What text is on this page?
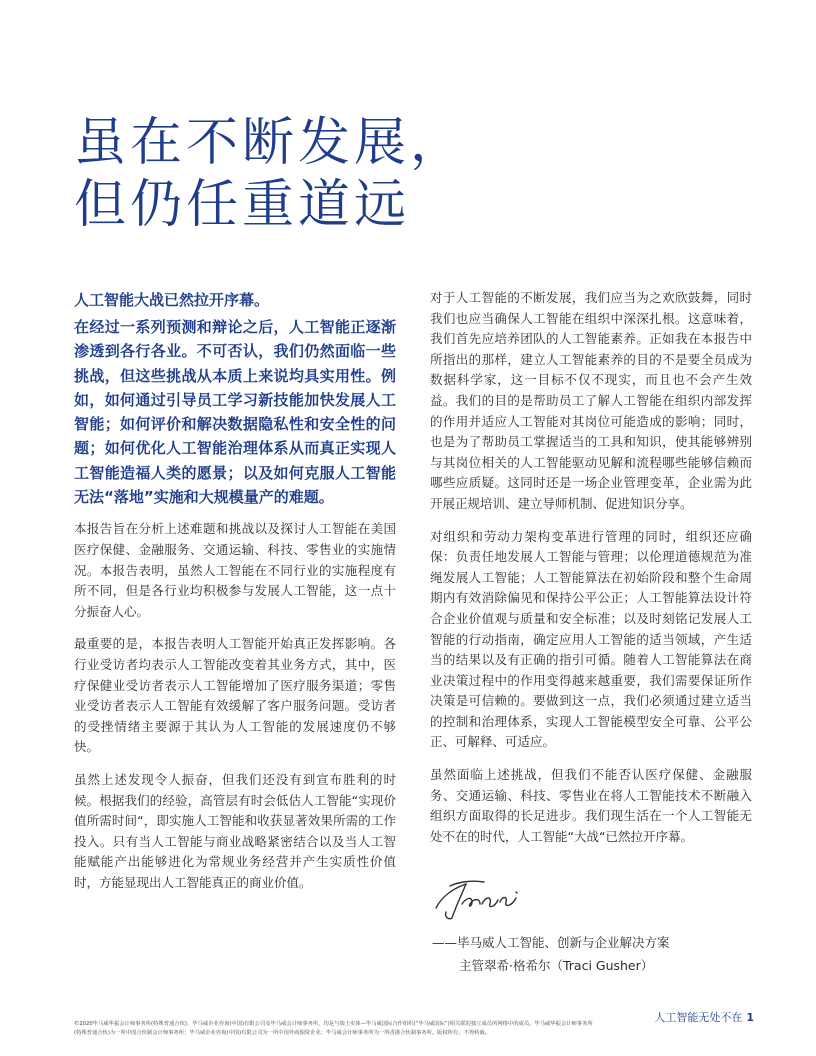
虽在不断发展，
但仍任重道远

人工智能大战已然拉开序幕。

在经过一系列预测和辩论之后，人工智能正逐渐渗透到各行各业。不可否认，我们仍然面临一些挑战，但这些挑战从本质上来说均具实用性。例如，如何通过引导员工学习新技能加快发展人工智能；如何评价和解决数据隐私性和安全性的问题；如何优化人工智能治理体系从而真正实现人工智能造福人类的愿景；以及如何克服人工智能无法“落地”实施和大规模量产的难题。

本报告旨在分析上述难题和挑战以及探讨人工智能在美国医疗保健、金融服务、交通运输、科技、零售业的实施情况。本报告表明，虽然人工智能在不同行业的实施程度有所不同，但是各行业均积极参与发展人工智能，这一点十分振奋人心。

最重要的是，本报告表明人工智能开始真正发挥影响。各行业受访者均表示人工智能改变着其业务方式，其中，医疗保健业受访者表示人工智能增加了医疗服务渠道；零售业受访者表示人工智能有效缓解了客户服务问题。受访者的受挫情绪主要源于其认为人工智能的发展速度仍不够快。

虽然上述发现令人振奋，但我们还没有到宣布胜利的时候。根据我们的经验，高管层有时会低估人工智能“实现价值所需时间“，即实施人工智能和收获显著效果所需的工作投入。只有当人工智能与商业战略紧密结合以及当人工智能赋能产出能够进化为常规业务经营并产生实质性价值时，方能显现出人工智能真正的商业价值。

对于人工智能的不断发展，我们应当为之欢欣鼓舞，同时我们也应当确保人工智能在组织中深深扎根。这意味着，我们首先应培养团队的人工智能素养。正如我在本报告中所指出的那样，建立人工智能素养的目的不是要全员成为数据科学家，这一目标不仅不现实，而且也不会产生效益。我们的目的是帮助员工了解人工智能在组织内部发挥的作用并适应人工智能对其岗位可能造成的影响；同时，也是为了帮助员工掌握适当的工具和知识，使其能够辨别与其岗位相关的人工智能驱动见解和流程哪些能够信赖而哪些应质疑。这同时还是一场企业管理变革，企业需为此开展正规培训、建立导师机制、促进知识分享。

对组织和劳动力架构变革进行管理的同时，组织还应确保：负责任地发展人工智能与管理；以伦理道德规范为准绳发展人工智能；人工智能算法在初始阶段和整个生命周期内有效消除偏见和保持公平公正；人工智能算法设计符合企业价值观与质量和安全标准；以及时刻铭记发展人工智能的行动指南，确定应用人工智能的适当领域，产生适当的结果以及有正确的指引可循。随着人工智能算法在商业决策过程中的作用变得越来越重要，我们需要保证所作决策是可信赖的。要做到这一点，我们必须通过建立适当的控制和治理体系，实现人工智能模型安全可靠、公平公正、可解释、可适应。

虽然面临上述挑战，但我们不能否认医疗保健、金融服务、交通运输、科技、零售业在将人工智能技术不断融入组织方面取得的长足进步。我们现生活在一个人工智能无处不在的时代，人工智能“大战“已然拉开序幕。

——毕马威人工智能、创新与企业解决方案

主管翠希·格希尔（Traci Gusher）

©2020毕马威华振会计师事务所(特殊普通合伙)、毕马威企业咨询(中国)有限公司及毕马威会计师事务所，均是与瑞士实体—毕马威国际合作组织(“毕马威国际”)相关联的独立成员所网络中的成员。毕马威华振会计师事务所(特殊普通合伙)为一所中国合伙制会计师事务所；毕马威企业咨询(中国)有限公司为一所中国外商独资企业；毕马威会计师事务所为一所香港合伙制事务所。版权所有，不得转载。

人工智能无处不在 1
